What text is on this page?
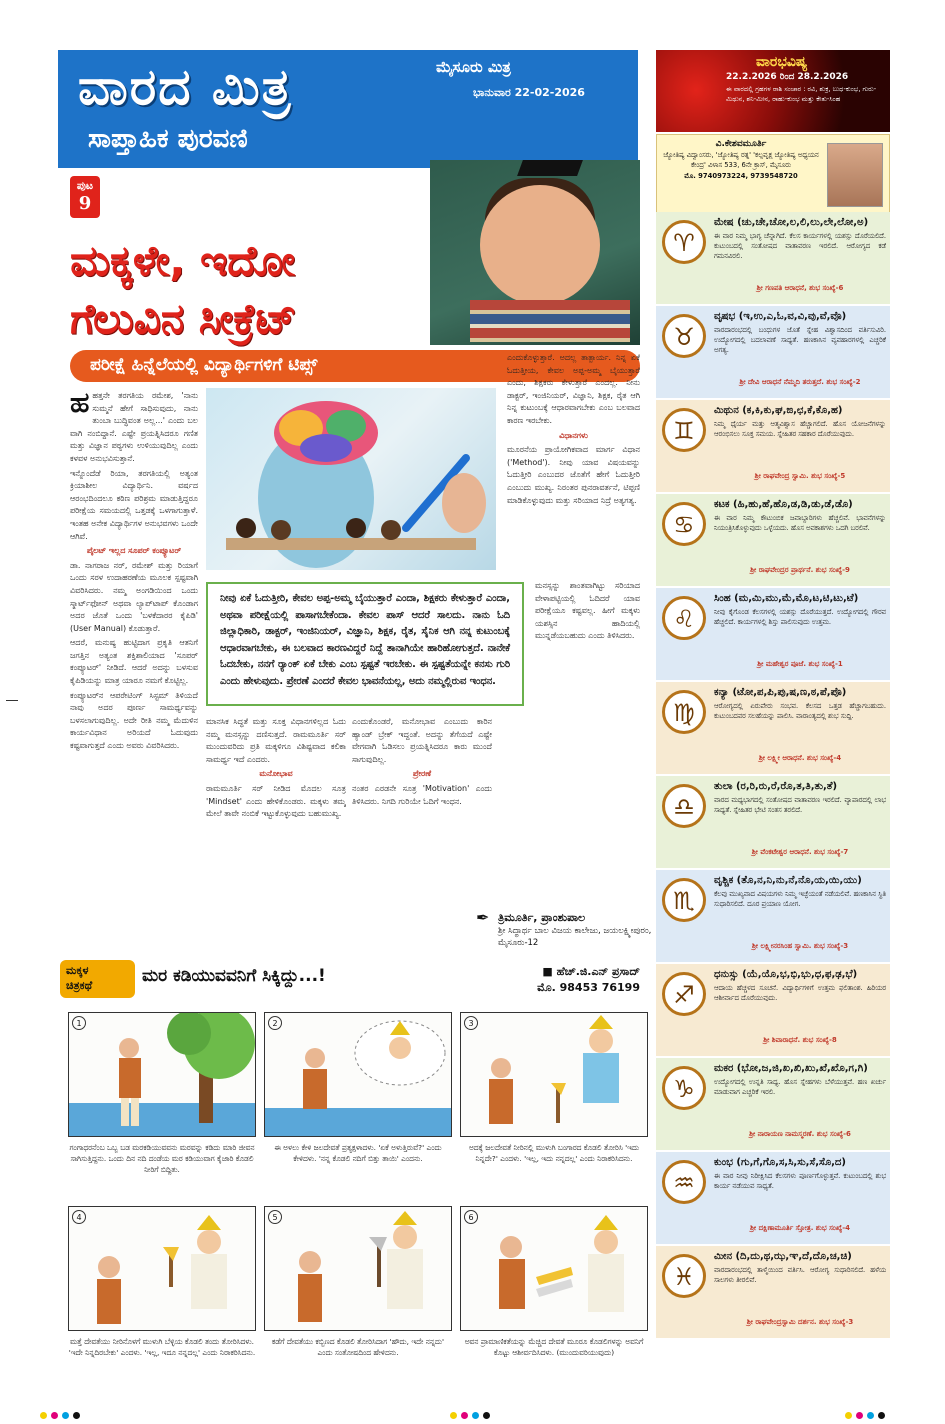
ವಾರದ ಮಿತ್ರ
ಸಾಪ್ತಾಹಿಕ ಪುರವಣಿ
ಮೈಸೂರು ಮಿತ್ರ
ಭಾನುವಾರ 22-02-2026
ಪುಟ
9
ಮಕ್ಕಳೇ, ಇದೋ
ಗೆಲುವಿನ ಸೀಕ್ರೆಟ್
ಪರೀಕ್ಷೆ ಹಿನ್ನೆಲೆಯಲ್ಲಿ ವಿದ್ಯಾರ್ಥಿಗಳಿಗೆ ಟಿಪ್ಸ್

ಹಹತ್ತನೇ ತರಗತಿಯ ರಮೇಶ, 'ನಾನು ಸುಮ್ಮನೆ ಹೇಗೆ ಸಾಧಿಸುವುದು, ನಾನು ತುಂಬಾ ಬುದ್ಧಿವಂತ ಅಲ್ಲ...' ಎಂದು ಬಲ ವಾಗಿ ನಂಬಿದ್ದಾನೆ. ಎಷ್ಟೇ ಪ್ರಯತ್ನಿಸಿದರೂ ಗಣಿತ ಮತ್ತು ವಿಜ್ಞಾನ ಪಠ್ಯಗಳು ಉಳಿಯುವುದಿಲ್ಲ ಎಂದು ಕಳವಳ ಅನುಭವಿಸುತ್ತಾನೆ.

ಇನ್ನೊಂದೆಡೆ ರಿಯಾ, ತರಗತಿಯಲ್ಲಿ ಅತ್ಯಂತ ಕ್ರಿಯಾಶೀಲ ವಿದ್ಯಾರ್ಥಿನಿ. ವರ್ಷದ ಆರಂಭದಿಂದಲೂ ಕಠಿಣ ಪರಿಶ್ರಮ ಮಾಡುತ್ತಿದ್ದರೂ ಪರೀಕ್ಷೆಯ ಸಮಯದಲ್ಲಿ ಒತ್ತಡಕ್ಕೆ ಒಳಗಾಗುತ್ತಾಳೆ. ಇಂತಹ ಅನೇಕ ವಿದ್ಯಾರ್ಥಿಗಳ ಅನುಭವಗಳು ಒಂದೇ ಆಗಿವೆ.

ಪೈಲಟ್ ಇಲ್ಲದ ಸೂಪರ್ ಕಂಪ್ಯೂಟರ್

ಡಾ. ನಾಗರಾಜ ನರ್, ರಮೇಶ್ ಮತ್ತು ರಿಯಾಗೆ ಒಂದು ಸರಳ ಉದಾಹರಣೆಯ ಮೂಲಕ ಸ್ಪಷ್ಟವಾಗಿ ವಿವರಿಸಿದರು. ನಮ್ಮ ಅಂಗಡಿಯಿಂದ ಒಂದು ಸ್ಮಾರ್ಟ್‌ಫೋನ್ ಅಥವಾ ಲ್ಯಾಪ್‌ಟಾಪ್ ಕೊಂಡಾಗ ಅದರ ಜೊತೆ ಒಂದು 'ಬಳಕೆದಾರರ ಕೈಪಿಡಿ' (User Manual) ಕೊಡುತ್ತಾರೆ.

ಆದರೆ, ಮನುಷ್ಯ ಹುಟ್ಟಿದಾಗ ಪ್ರಕೃತಿ ಆತನಿಗೆ ಜಗತ್ತಿನ ಅತ್ಯಂತ ಶಕ್ತಿಶಾಲಿಯಾದ 'ಸೂಪರ್ ಕಂಪ್ಯೂಟರ್' ನೀಡಿದೆ. ಆದರೆ ಅದನ್ನು ಬಳಸುವ ಕೈಪಿಡಿಯನ್ನು ಮಾತ್ರ ಯಾರೂ ನಮಗೆ ಕೊಟ್ಟಿಲ್ಲ.

ಕಂಪ್ಯೂಟರ್‌ನ ಆಪರೇಟಿಂಗ್ ಸಿಸ್ಟಮ್ ತಿಳಿಯದೆ ನಾವು ಅದರ ಪೂರ್ಣ ಸಾಮರ್ಥ್ಯವನ್ನು ಬಳಸಲಾಗುವುದಿಲ್ಲ. ಅದೇ ರೀತಿ ನಮ್ಮ ಮೆದುಳಿನ ಕಾರ್ಯವಿಧಾನ ಅರಿಯದೆ ಓದುವುದು ಕಷ್ಟವಾಗುತ್ತದೆ ಎಂದು ಅವರು ವಿವರಿಸಿದರು.

ಎಂದುಕೊಳ್ಳುತ್ತಾರೆ. ಅದಲ್ಲ ತಾತ್ಪಾರ್ಯ. ನಿನ್ನ ಏಕೆ ಓದುತ್ತೀಯ, ಕೇವಲ ಅಪ್ಪ-ಅಮ್ಮ ಬೈಯುತ್ತಾರೆ ಎಂದು, ಶಿಕ್ಷಕರು ಕೇಳುತ್ತಾರೆ ಎಂದಲ್ಲ. ನೀನು ಡಾಕ್ಟರ್, ಇಂಜಿನಿಯರ್, ವಿಜ್ಞಾನಿ, ಶಿಕ್ಷಕ, ರೈತ ಆಗಿ ನಿನ್ನ ಕುಟುಂಬಕ್ಕೆ ಆಧಾರವಾಗಬೇಕು ಎಂಬ ಬಲವಾದ ಕಾರಣ ಇರಬೇಕು.

ವಿಧಾನಗಳು

ಮೂರನೆಯ ಪ್ರಾಯೋಗಿಕವಾದ ಮಾರ್ಗ ವಿಧಾನ ('Method'). ನೀವು ಯಾವ ವಿಷಯವನ್ನು ಓದುತ್ತೀರಿ ಎಂಬುದರ ಜೊತೆಗೆ ಹೇಗೆ ಓದುತ್ತೀರಿ ಎಂಬುದು ಮುಖ್ಯ. ನಿರಂತರ ಪುನರಾವರ್ತನೆ, ಟಿಪ್ಪಣಿ ಮಾಡಿಕೊಳ್ಳುವುದು ಮತ್ತು ಸರಿಯಾದ ನಿದ್ರೆ ಅತ್ಯಗತ್ಯ.

ಮನಸ್ಸನ್ನು ಶಾಂತವಾಗಿಟ್ಟು ಸರಿಯಾದ ವೇಳಾಪಟ್ಟಿಯಲ್ಲಿ ಓದಿದರೆ ಯಾವ ಪರೀಕ್ಷೆಯೂ ಕಷ್ಟವಲ್ಲ. ಹೀಗೆ ಮಕ್ಕಳು ಯಶಸ್ಸಿನ ಹಾದಿಯಲ್ಲಿ ಮುನ್ನಡೆಯಬಹುದು ಎಂದು ತಿಳಿಸಿದರು.

ನೀವು ಏಕೆ ಓದುತ್ತೀರಿ, ಕೇವಲ ಅಪ್ಪ-ಅಮ್ಮ ಬೈಯುತ್ತಾರೆ ಎಂದಾ, ಶಿಕ್ಷಕರು ಕೇಳುತ್ತಾರೆ ಎಂದಾ, ಅಥವಾ ಪರೀಕ್ಷೆಯಲ್ಲಿ ಪಾಸಾಗಬೇಕೆಂದಾ. ಕೇವಲ ಪಾಸ್ ಆದರೆ ಸಾಲದು. ನಾನು ಓದಿ ಜಿಲ್ಲಾಧಿಕಾರಿ, ಡಾಕ್ಟರ್, ಇಂಜಿನಿಯರ್, ವಿಜ್ಞಾನಿ, ಶಿಕ್ಷಕ, ರೈತ, ಸೈನಿಕ ಆಗಿ ನನ್ನ ಕುಟುಂಬಕ್ಕೆ ಆಧಾರವಾಗಬೇಕು, ಈ ಬಲವಾದ ಕಾರಣವಿದ್ದರೆ ನಿದ್ದೆ ತಾನಾಗಿಯೇ ಹಾರಿಹೋಗುತ್ತದೆ. ನಾನೇಕೆ ಓದಬೇಕು, ನನಗೆ ರ‍್ಯಾಂಕ್ ಏಕೆ ಬೇಕು ಎಂಬ ಸ್ಪಷ್ಟತೆ ಇರಬೇಕು. ಈ ಸ್ಪಷ್ಟತೆಯನ್ನೇ ಕನಸು ಗುರಿ ಎಂದು ಹೇಳುವುದು. ಪ್ರೇರಣೆ ಎಂದರೆ ಕೇವಲ ಭಾವನೆಯಲ್ಲ, ಅದು ನಮ್ಮಲ್ಲಿರುವ ಇಂಧನ.

ಮಾನಸಿಕ ಸಿದ್ಧತೆ ಮತ್ತು ಸೂಕ್ತ ವಿಧಾನಗಳಿಲ್ಲದ ಓದು ನಮ್ಮ ಮನಸ್ಸನ್ನು ದಣಿಸುತ್ತದೆ. ರಾಮಮೂರ್ತಿ ಸರ್ ಮುಂದುವರಿದು ಪ್ರತಿ ಮಕ್ಕಳಿಗೂ ವಿಶಿಷ್ಟವಾದ ಕಲಿಕಾ ಸಾಮರ್ಥ್ಯ ಇದೆ ಎಂದರು.

ಮನೋಭಾವ

ರಾಮಮೂರ್ತಿ ಸರ್ ನೀಡಿದ ಮೊದಲ ಸೂತ್ರ 'Mindset' ಎಂದು ಹೇಳಿಕೊಂಡರು. ಮಕ್ಕಳು ತಮ್ಮ ಮೇಲೆ ತಾವೇ ನಂಬಿಕೆ ಇಟ್ಟುಕೊಳ್ಳುವುದು ಬಹುಮುಖ್ಯ.

ಎಂದುಕೊಂಡರೆ, ಮನೋಭಾವ ಎಂಬುದು ಕಾರಿನ ಹ್ಯಾಂಡ್ ಬ್ರೇಕ್ ಇದ್ದಂತೆ. ಅದನ್ನು ತೆಗೆಯದೆ ಎಷ್ಟೇ ವೇಗವಾಗಿ ಓಡಿಸಲು ಪ್ರಯತ್ನಿಸಿದರೂ ಕಾರು ಮುಂದೆ ಸಾಗುವುದಿಲ್ಲ.

ಪ್ರೇರಣೆ

ನಂತರ ಎರಡನೇ ಸೂತ್ರ 'Motivation' ಎಂದು ತಿಳಿಸಿದರು. ನಿಗದಿ ಗುರಿಯೇ ಓದಿಗೆ ಇಂಧನ.

✒ ತ್ರಿಮೂರ್ತಿ, ಪ್ರಾಂಶುಪಾಲ
ಶ್ರೀ ಸಿದ್ಧಾರ್ಥ ಬಾಲ ವಿಜಯ ಕಾಲೇಜು, ಜಯಲಕ್ಷ್ಮೀಪುರಂ, ಮೈಸೂರು-12
ಮಕ್ಕಳ
ಚಿತ್ರಕಥೆ	ಮರ ಕಡಿಯುವವನಿಗೆ ಸಿಕ್ಕಿದ್ದು...!	■ ಹೆಚ್.ಜಿ.ಎನ್ ಪ್ರಸಾದ್
ಮೊ. 98453 76199
1	2	3
ಗಂಗಾಧರನೆಂಬ ಒಬ್ಬ ಬಡ ಮರಕಡಿಯುವವನು ಮರವನ್ನು ಕಡಿದು ಮಾರಿ ಜೀವನ ಸಾಗಿಸುತ್ತಿದ್ದನು. ಒಂದು ದಿನ ನದಿ ದಂಡೆಯ ಮರ ಕಡಿಯುವಾಗ ಕೈಜಾರಿ ಕೊಡಲಿ ನೀರಿಗೆ ಬಿದ್ದಿತು.
ಈ ಅಳಲು ಕೇಳಿ ಜಲದೇವತೆ ಪ್ರತ್ಯಕ್ಷಳಾದಳು. 'ಏಕೆ ಅಳುತ್ತಿರುವೆ?' ಎಂದು ಕೇಳಿದಳು. 'ನನ್ನ ಕೊಡಲಿ ನದಿಗೆ ಬಿತ್ತು ತಾಯಿ' ಎಂದನು.
ಅದಕ್ಕೆ ಜಲದೇವತೆ ನೀರಿನಲ್ಲಿ ಮುಳುಗಿ ಬಂಗಾರದ ಕೊಡಲಿ ತೋರಿಸಿ 'ಇದು ನಿನ್ನದೇ?' ಎಂದಳು. 'ಇಲ್ಲ, ಇದು ನನ್ನದಲ್ಲ' ಎಂದು ನಿರಾಕರಿಸಿದನು.
4	5	6
ಮತ್ತೆ ದೇವತೆಯು ನೀರಿನೊಳಗೆ ಮುಳುಗಿ ಬೆಳ್ಳಿಯ ಕೊಡಲಿ ತಂದು ತೋರಿಸಿದಳು. 'ಇದೇ ನಿನ್ನದಿರಬೇಕು' ಎಂದಳು. 'ಇಲ್ಲ, ಇದೂ ನನ್ನದಲ್ಲ' ಎಂದು ನಿರಾಕರಿಸಿದನು.
ಕಡೆಗೆ ದೇವತೆಯು ಕಬ್ಬಿಣದ ಕೊಡಲಿ ತೋರಿಸಿದಾಗ 'ಹೌದು, ಇದೇ ನನ್ನದು' ಎಂದು ಸಂತೋಷದಿಂದ ಹೇಳಿದನು.
ಅವನ ಪ್ರಾಮಾಣಿಕತೆಯನ್ನು ಮೆಚ್ಚಿದ ದೇವತೆ ಮೂರೂ ಕೊಡಲಿಗಳನ್ನು ಅವನಿಗೆ ಕೊಟ್ಟು ಆಶೀರ್ವದಿಸಿದಳು. (ಮುಂದುವರಿಯುವುದು)
ವಾರಭವಿಷ್ಯ
22.2.2026 ರಿಂದ 28.2.2026
ಈ ವಾರದಲ್ಲಿ ಗ್ರಹಗಳ ರಾಶಿ ಸಂಚಾರ : ರವಿ, ಶುಕ್ರ, ಬುಧ-ಕುಂಭ, ಗುರು-ಮಿಥುನ, ಶನಿ-ಮೀನ, ರಾಹು-ಕುಂಭ ಮತ್ತು ಕೇತು-ಸಿಂಹ
ವಿ.ಕೇಶವಮೂರ್ತಿ
ಜ್ಯೋತಿಷ್ಯ ವಿದ್ವಾಂಸರು, 'ಜ್ಯೋತಿಷ್ಯ ರತ್ನ' 'ಕಲ್ಪವೃಕ್ಷ ಜ್ಯೋತಿಷ್ಯ ಅಧ್ಯಯನ ಕೇಂದ್ರ' ವಿಳಾಸ 533, 6ನೇ ಕ್ರಾಸ್, ಮೈಸೂರು
ಮೊ. 9740973224, 9739548720
♈
ಮೇಷ (ಚು,ಚೇ,ಚೋ,ಲ,ಲಿ,ಲು,ಲೇ,ಲೋ,ಅ)
ಈ ವಾರ ನಿಮ್ಮ ಭಾಗ್ಯ ಚೆನ್ನಾಗಿದೆ. ಕೆಲಸ ಕಾರ್ಯಗಳಲ್ಲಿ ಯಶಸ್ಸು ದೊರೆಯಲಿದೆ. ಕುಟುಂಬದಲ್ಲಿ ಸಂತೋಷದ ವಾತಾವರಣ ಇರಲಿದೆ. ಆರೋಗ್ಯದ ಕಡೆ ಗಮನವಿರಲಿ.
ಶ್ರೀ ಗಣಪತಿ ಆರಾಧನೆ, ಶುಭ ಸಂಖ್ಯೆ-6
♉
ವೃಷಭ (ಇ,ಉ,ಎ,ಓ,ವ,ವಿ,ವು,ವೆ,ವೊ)
ವಾರದಾರಂಭದಲ್ಲಿ ಬಂಧುಗಳ ಜೊತೆ ಸ್ನೇಹ ವಿಶ್ವಾಸದಿಂದ ವರ್ತಿಸುವಿರಿ. ಉದ್ಯೋಗದಲ್ಲಿ ಬದಲಾವಣೆ ಸಾಧ್ಯತೆ. ಹಣಕಾಸಿನ ವ್ಯವಹಾರಗಳಲ್ಲಿ ಎಚ್ಚರಿಕೆ ಅಗತ್ಯ.
ಶ್ರೀ ದೇವಿ ಆರಾಧನೆ ನೆಮ್ಮದಿ ತರುತ್ತದೆ. ಶುಭ ಸಂಖ್ಯೆ-2
♊
ಮಿಥುನ (ಕ,ಕಿ,ಕು,ಘ,ಙ,ಛ,ಕೆ,ಕೊ,ಹ)
ನಿಮ್ಮ ಧೈರ್ಯ ಮತ್ತು ಆತ್ಮವಿಶ್ವಾಸ ಹೆಚ್ಚಾಗಲಿದೆ. ಹೊಸ ಯೋಜನೆಗಳನ್ನು ಆರಂಭಿಸಲು ಸೂಕ್ತ ಸಮಯ. ಸ್ನೇಹಿತರ ಸಹಕಾರ ದೊರೆಯುವುದು.
ಶ್ರೀ ರಾಘವೇಂದ್ರ ಸ್ವಾಮಿ. ಶುಭ ಸಂಖ್ಯೆ-5
♋
ಕಟಕ (ಹಿ,ಹು,ಹೆ,ಹೊ,ಡ,ಡಿ,ಡು,ಡೆ,ಡೊ)
ಈ ವಾರ ನಿಮ್ಮ ಕೌಟುಂಬಿಕ ಜವಾಬ್ದಾರಿಗಳು ಹೆಚ್ಚಲಿವೆ. ಭಾವನೆಗಳನ್ನು ನಿಯಂತ್ರಿಸಿಕೊಳ್ಳುವುದು ಒಳ್ಳೆಯದು. ಹೊಸ ಅವಕಾಶಗಳು ಒದಗಿ ಬರಲಿವೆ.
ಶ್ರೀ ರಾಘವೇಂದ್ರರ ಪ್ರಾರ್ಥನೆ. ಶುಭ ಸಂಖ್ಯೆ-9
♌
ಸಿಂಹ (ಮ,ಮಿ,ಮು,ಮೆ,ಮೊ,ಟ,ಟಿ,ಟು,ಟೆ)
ನೀವು ಕೈಗೊಂಡ ಕೆಲಸಗಳಲ್ಲಿ ಯಶಸ್ಸು ದೊರೆಯುತ್ತದೆ. ಉದ್ಯೋಗದಲ್ಲಿ ಗೌರವ ಹೆಚ್ಚಲಿದೆ. ಕಾರ್ಯಗಳಲ್ಲಿ ಶಿಸ್ತು ಪಾಲಿಸುವುದು ಉತ್ತಮ.
ಶ್ರೀ ಮಹೇಶ್ವರ ಪೂಜೆ. ಶುಭ ಸಂಖ್ಯೆ-1
♍
ಕನ್ಯಾ (ಟೋ,ಪ,ಪಿ,ಪು,ಷ,ಣ,ಠ,ಪೆ,ಪೊ)
ಆರೋಗ್ಯದಲ್ಲಿ ಏರುಪೇರು ಸಂಭವ. ಕೆಲಸದ ಒತ್ತಡ ಹೆಚ್ಚಾಗಬಹುದು. ಕುಟುಂಬದವರ ಸಲಹೆಯನ್ನು ಪಾಲಿಸಿ. ವಾರಾಂತ್ಯದಲ್ಲಿ ಶುಭ ಸುದ್ದಿ.
ಶ್ರೀ ಲಕ್ಷ್ಮೀ ಆರಾಧನೆ. ಶುಭ ಸಂಖ್ಯೆ-4
♎
ತುಲಾ (ರ,ರಿ,ರು,ರೆ,ರೊ,ತ,ತಿ,ತು,ತೆ)
ವಾರದ ಮಧ್ಯಭಾಗದಲ್ಲಿ ಸಂತೋಷದ ವಾತಾವರಣ ಇರಲಿದೆ. ವ್ಯಾಪಾರದಲ್ಲಿ ಲಾಭ ಸಾಧ್ಯತೆ. ಸ್ನೇಹಿತರ ಭೇಟಿ ಸಂತಸ ತರಲಿದೆ.
ಶ್ರೀ ವೆಂಕಟೇಶ್ವರ ಆರಾಧನೆ. ಶುಭ ಸಂಖ್ಯೆ-7
♏
ವೃಶ್ಚಿಕ (ತೊ,ನ,ನಿ,ನು,ನೆ,ನೊ,ಯ,ಯಿ,ಯು)
ಕೆಲವು ಮುಖ್ಯವಾದ ವಿಷಯಗಳು ನಿಮ್ಮ ಇಚ್ಛೆಯಂತೆ ನಡೆಯಲಿವೆ. ಹಣಕಾಸಿನ ಸ್ಥಿತಿ ಸುಧಾರಿಸಲಿದೆ. ದೂರ ಪ್ರಯಾಣ ಯೋಗ.
ಶ್ರೀ ಲಕ್ಷ್ಮೀನರಸಿಂಹ ಸ್ವಾಮಿ. ಶುಭ ಸಂಖ್ಯೆ-3
♐
ಧನುಸ್ಸು (ಯೆ,ಯೊ,ಭ,ಭಿ,ಭು,ಧ,ಫ,ಢ,ಭೆ)
ಆದಾಯ ಹೆಚ್ಚಳದ ಸೂಚನೆ. ವಿದ್ಯಾರ್ಥಿಗಳಿಗೆ ಉತ್ತಮ ಫಲಿತಾಂಶ. ಹಿರಿಯರ ಆಶೀರ್ವಾದ ದೊರೆಯುವುದು.
ಶ್ರೀ ಶಿವಾರಾಧನೆ. ಶುಭ ಸಂಖ್ಯೆ-8
♑
ಮಕರ (ಭೋ,ಜ,ಜಿ,ಖ,ಖಿ,ಖು,ಖೆ,ಖೊ,ಗ,ಗಿ)
ಉದ್ಯೋಗದಲ್ಲಿ ಉನ್ನತಿ ಸಾಧ್ಯ. ಹೊಸ ಸ್ನೇಹಗಳು ಬೆಳೆಯುತ್ತವೆ. ಹಣ ಖರ್ಚು ಮಾಡುವಾಗ ಎಚ್ಚರಿಕೆ ಇರಲಿ.
ಶ್ರೀ ನಾರಾಯಣ ನಾಮಸ್ಮರಣೆ. ಶುಭ ಸಂಖ್ಯೆ-6
♒
ಕುಂಭ (ಗು,ಗೆ,ಗೊ,ಸ,ಸಿ,ಸು,ಸೆ,ಸೊ,ದ)
ಈ ವಾರ ನೀವು ನಿರೀಕ್ಷಿಸಿದ ಕೆಲಸಗಳು ಪೂರ್ಣಗೊಳ್ಳುತ್ತವೆ. ಕುಟುಂಬದಲ್ಲಿ ಶುಭ ಕಾರ್ಯ ನಡೆಯುವ ಸಾಧ್ಯತೆ.
ಶ್ರೀ ದಕ್ಷಿಣಾಮೂರ್ತಿ ಸ್ತೋತ್ರ. ಶುಭ ಸಂಖ್ಯೆ-4
♓
ಮೀನ (ದಿ,ದು,ಥ,ಝ,ಞ,ದೆ,ದೊ,ಚ,ಚಿ)
ವಾರದಾರಂಭದಲ್ಲಿ ತಾಳ್ಮೆಯಿಂದ ವರ್ತಿಸಿ. ಆರೋಗ್ಯ ಸುಧಾರಿಸಲಿದೆ. ಹಳೆಯ ಸಾಲಗಳು ತೀರಲಿವೆ.
ಶ್ರೀ ರಾಘವೇಂದ್ರಸ್ವಾಮಿ ದರ್ಶನ. ಶುಭ ಸಂಖ್ಯೆ-3
